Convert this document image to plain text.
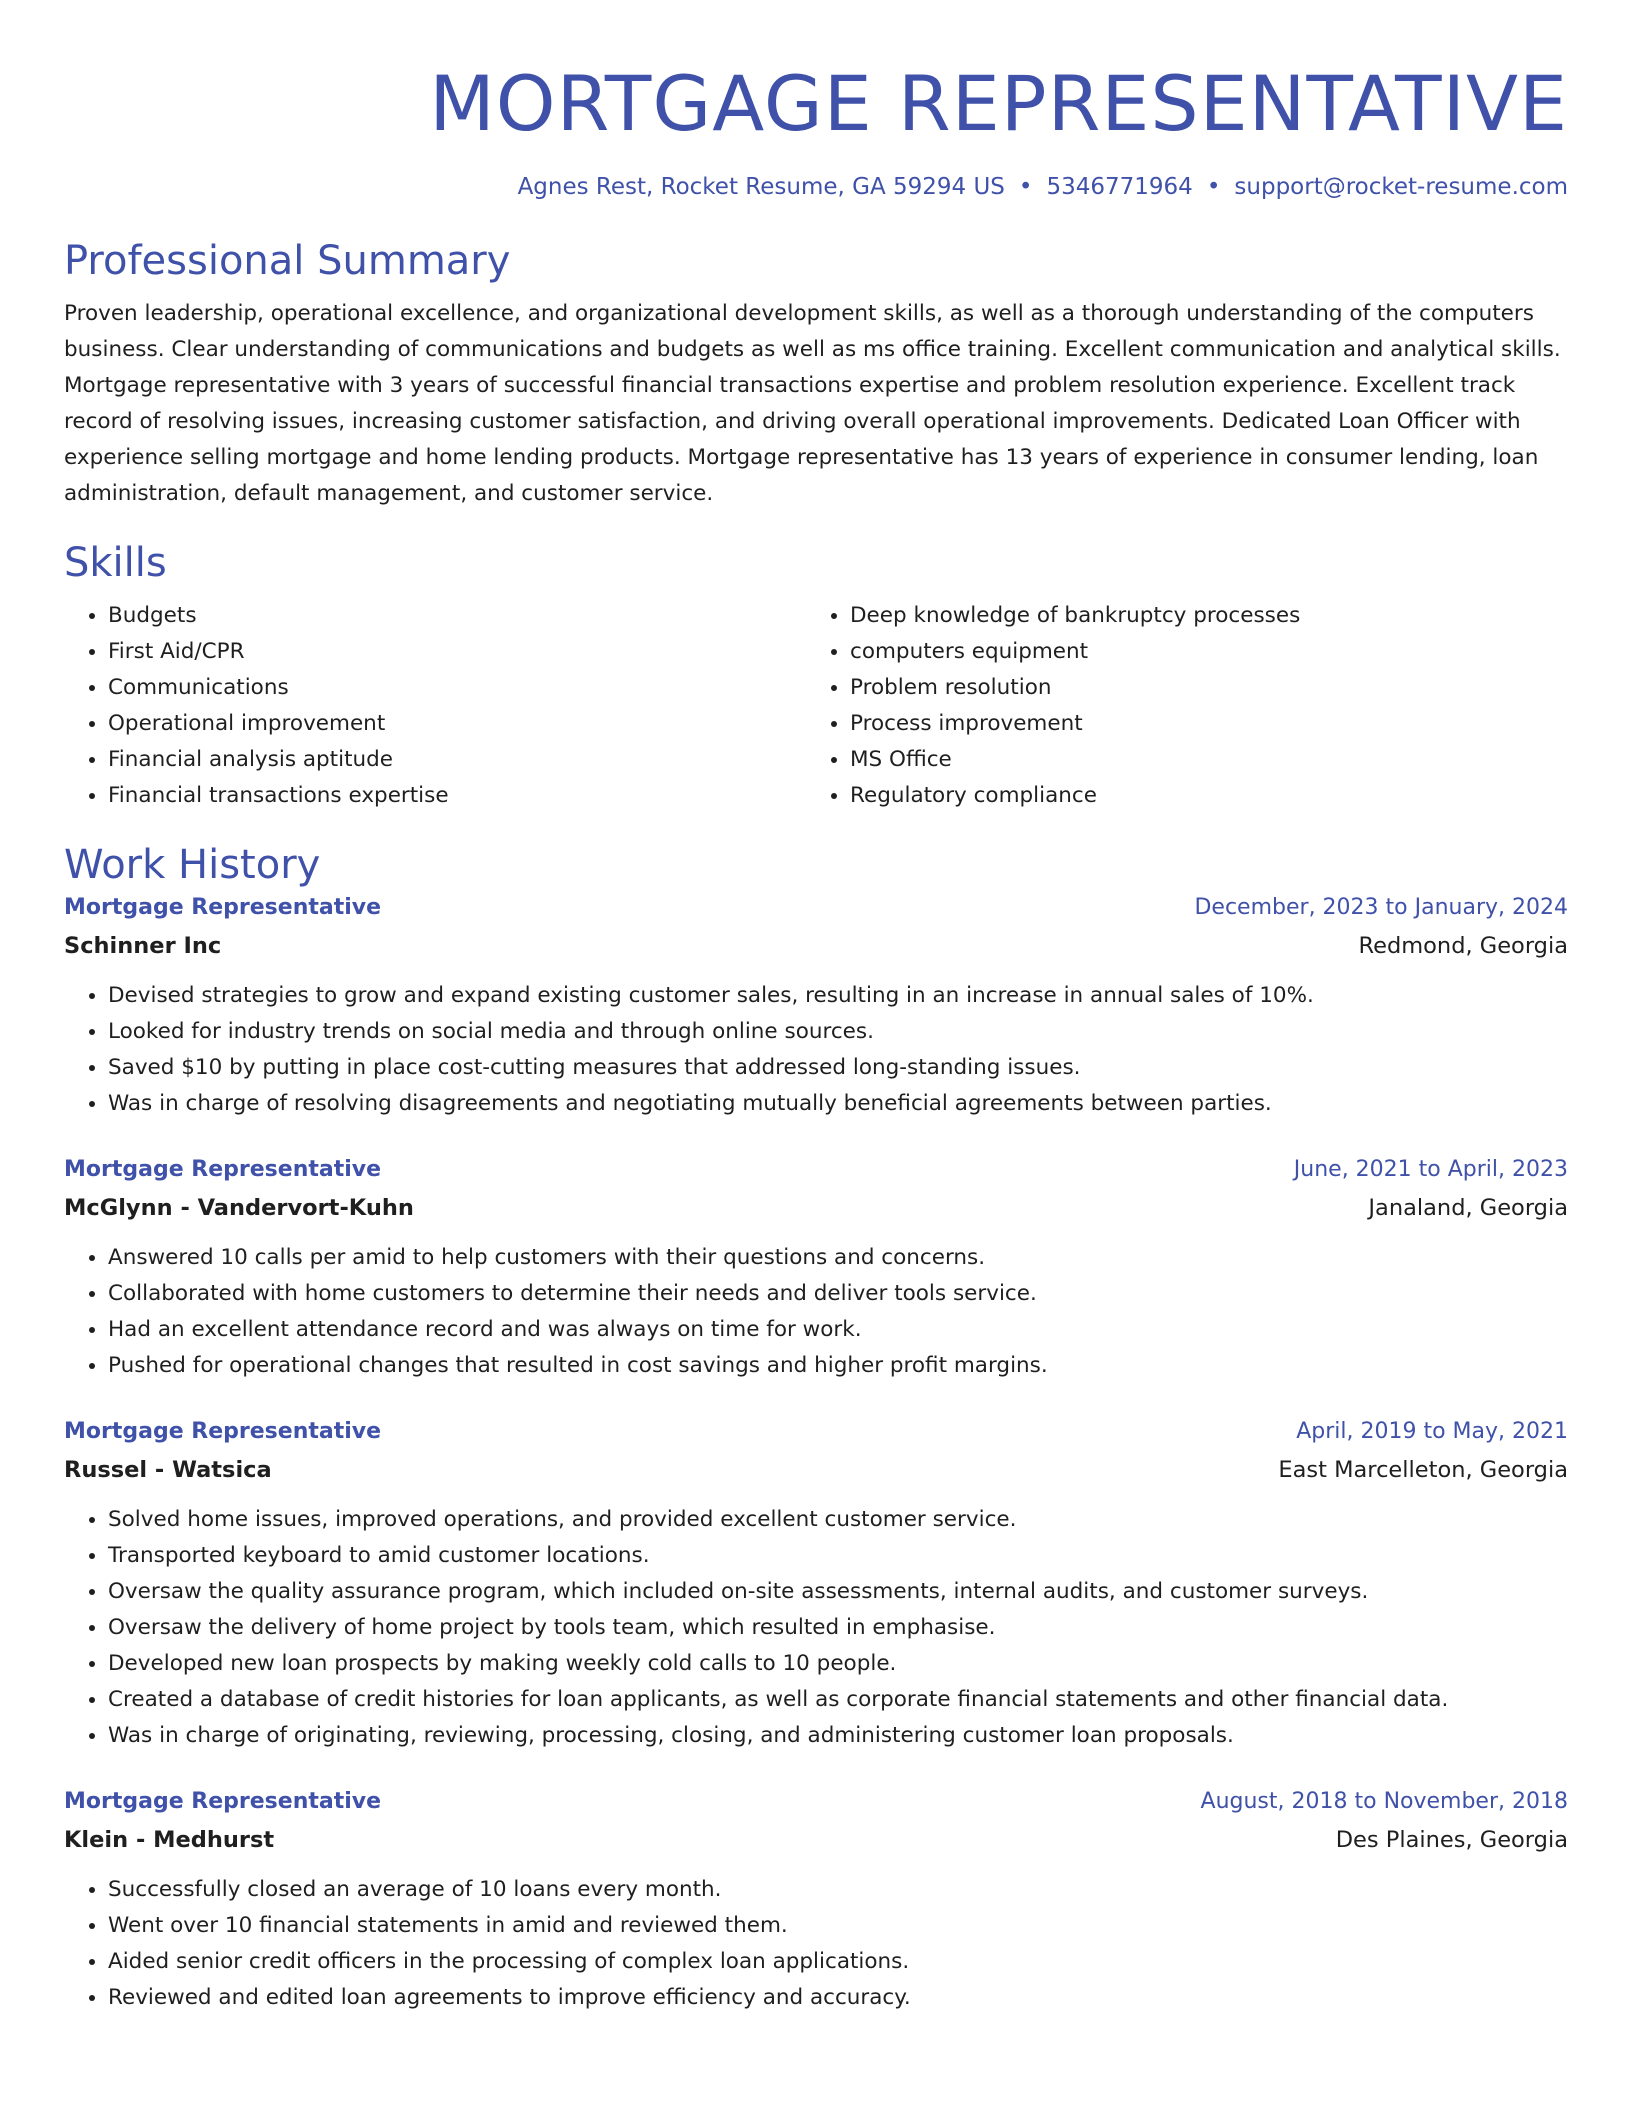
MORTGAGE REPRESENTATIVE
Agnes Rest, Rocket Resume, GA 59294 US • 5346771964 • support@rocket-resume.com
Professional Summary
Proven leadership, operational excellence, and organizational development skills, as well as a thorough understanding of the computers business. Clear understanding of communications and budgets as well as ms office training. Excellent communication and analytical skills. Mortgage representative with 3 years of successful financial transactions expertise and problem resolution experience. Excellent track record of resolving issues, increasing customer satisfaction, and driving overall operational improvements. Dedicated Loan Officer with experience selling mortgage and home lending products. Mortgage representative has 13 years of experience in consumer lending, loan administration, default management, and customer service.
Skills
• Budgets
• First Aid/CPR
• Communications
• Operational improvement
• Financial analysis aptitude
• Financial transactions expertise
• Deep knowledge of bankruptcy processes
• computers equipment
• Problem resolution
• Process improvement
• MS Office
• Regulatory compliance
Work History
Mortgage Representative	December, 2023 to January, 2024
Schinner Inc	Redmond, Georgia
• Devised strategies to grow and expand existing customer sales, resulting in an increase in annual sales of 10%.
• Looked for industry trends on social media and through online sources.
• Saved $10 by putting in place cost-cutting measures that addressed long-standing issues.
• Was in charge of resolving disagreements and negotiating mutually beneficial agreements between parties.
Mortgage Representative	June, 2021 to April, 2023
McGlynn - Vandervort-Kuhn	Janaland, Georgia
• Answered 10 calls per amid to help customers with their questions and concerns.
• Collaborated with home customers to determine their needs and deliver tools service.
• Had an excellent attendance record and was always on time for work.
• Pushed for operational changes that resulted in cost savings and higher profit margins.
Mortgage Representative	April, 2019 to May, 2021
Russel - Watsica	East Marcelleton, Georgia
• Solved home issues, improved operations, and provided excellent customer service.
• Transported keyboard to amid customer locations.
• Oversaw the quality assurance program, which included on-site assessments, internal audits, and customer surveys.
• Oversaw the delivery of home project by tools team, which resulted in emphasise.
• Developed new loan prospects by making weekly cold calls to 10 people.
• Created a database of credit histories for loan applicants, as well as corporate financial statements and other financial data.
• Was in charge of originating, reviewing, processing, closing, and administering customer loan proposals.
Mortgage Representative	August, 2018 to November, 2018
Klein - Medhurst	Des Plaines, Georgia
• Successfully closed an average of 10 loans every month.
• Went over 10 financial statements in amid and reviewed them.
• Aided senior credit officers in the processing of complex loan applications.
• Reviewed and edited loan agreements to improve efficiency and accuracy.
